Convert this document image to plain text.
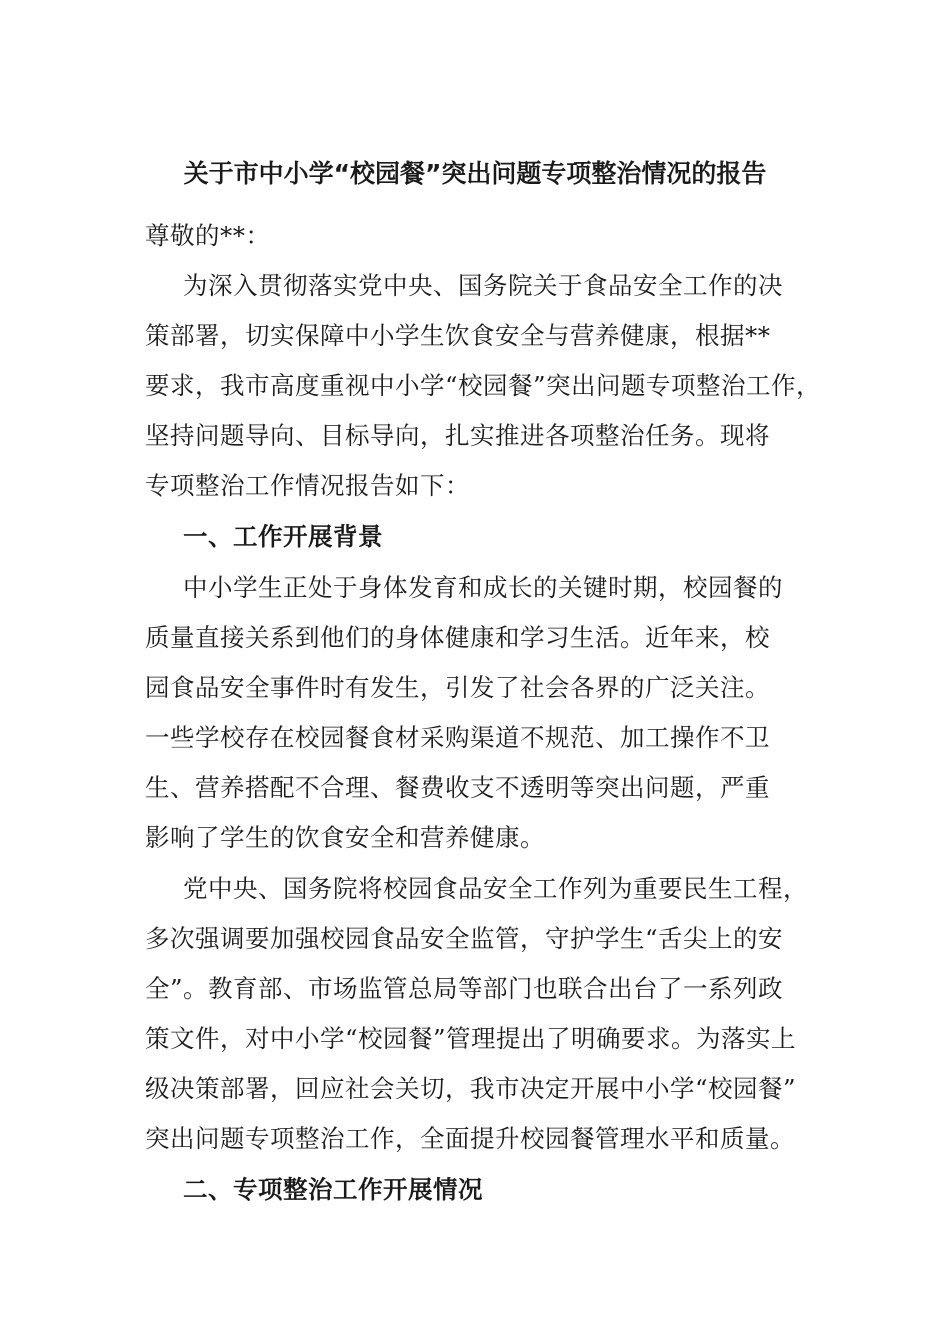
关于市中小学“校园餐”突出问题专项整治情况的报告
尊敬的**：
为深入贯彻落实党中央、国务院关于食品安全工作的决
策部署，切实保障中小学生饮食安全与营养健康，根据**
要求，我市高度重视中小学“校园餐”突出问题专项整治工作，
坚持问题导向、目标导向，扎实推进各项整治任务。现将
专项整治工作情况报告如下：
一、工作开展背景
中小学生正处于身体发育和成长的关键时期，校园餐的
质量直接关系到他们的身体健康和学习生活。近年来，校
园食品安全事件时有发生，引发了社会各界的广泛关注。
一些学校存在校园餐食材采购渠道不规范、加工操作不卫
生、营养搭配不合理、餐费收支不透明等突出问题，严重
影响了学生的饮食安全和营养健康。
党中央、国务院将校园食品安全工作列为重要民生工程，
多次强调要加强校园食品安全监管，守护学生“舌尖上的安
全”。教育部、市场监管总局等部门也联合出台了一系列政
策文件，对中小学“校园餐”管理提出了明确要求。为落实上
级决策部署，回应社会关切，我市决定开展中小学“校园餐”
突出问题专项整治工作，全面提升校园餐管理水平和质量。
二、专项整治工作开展情况
